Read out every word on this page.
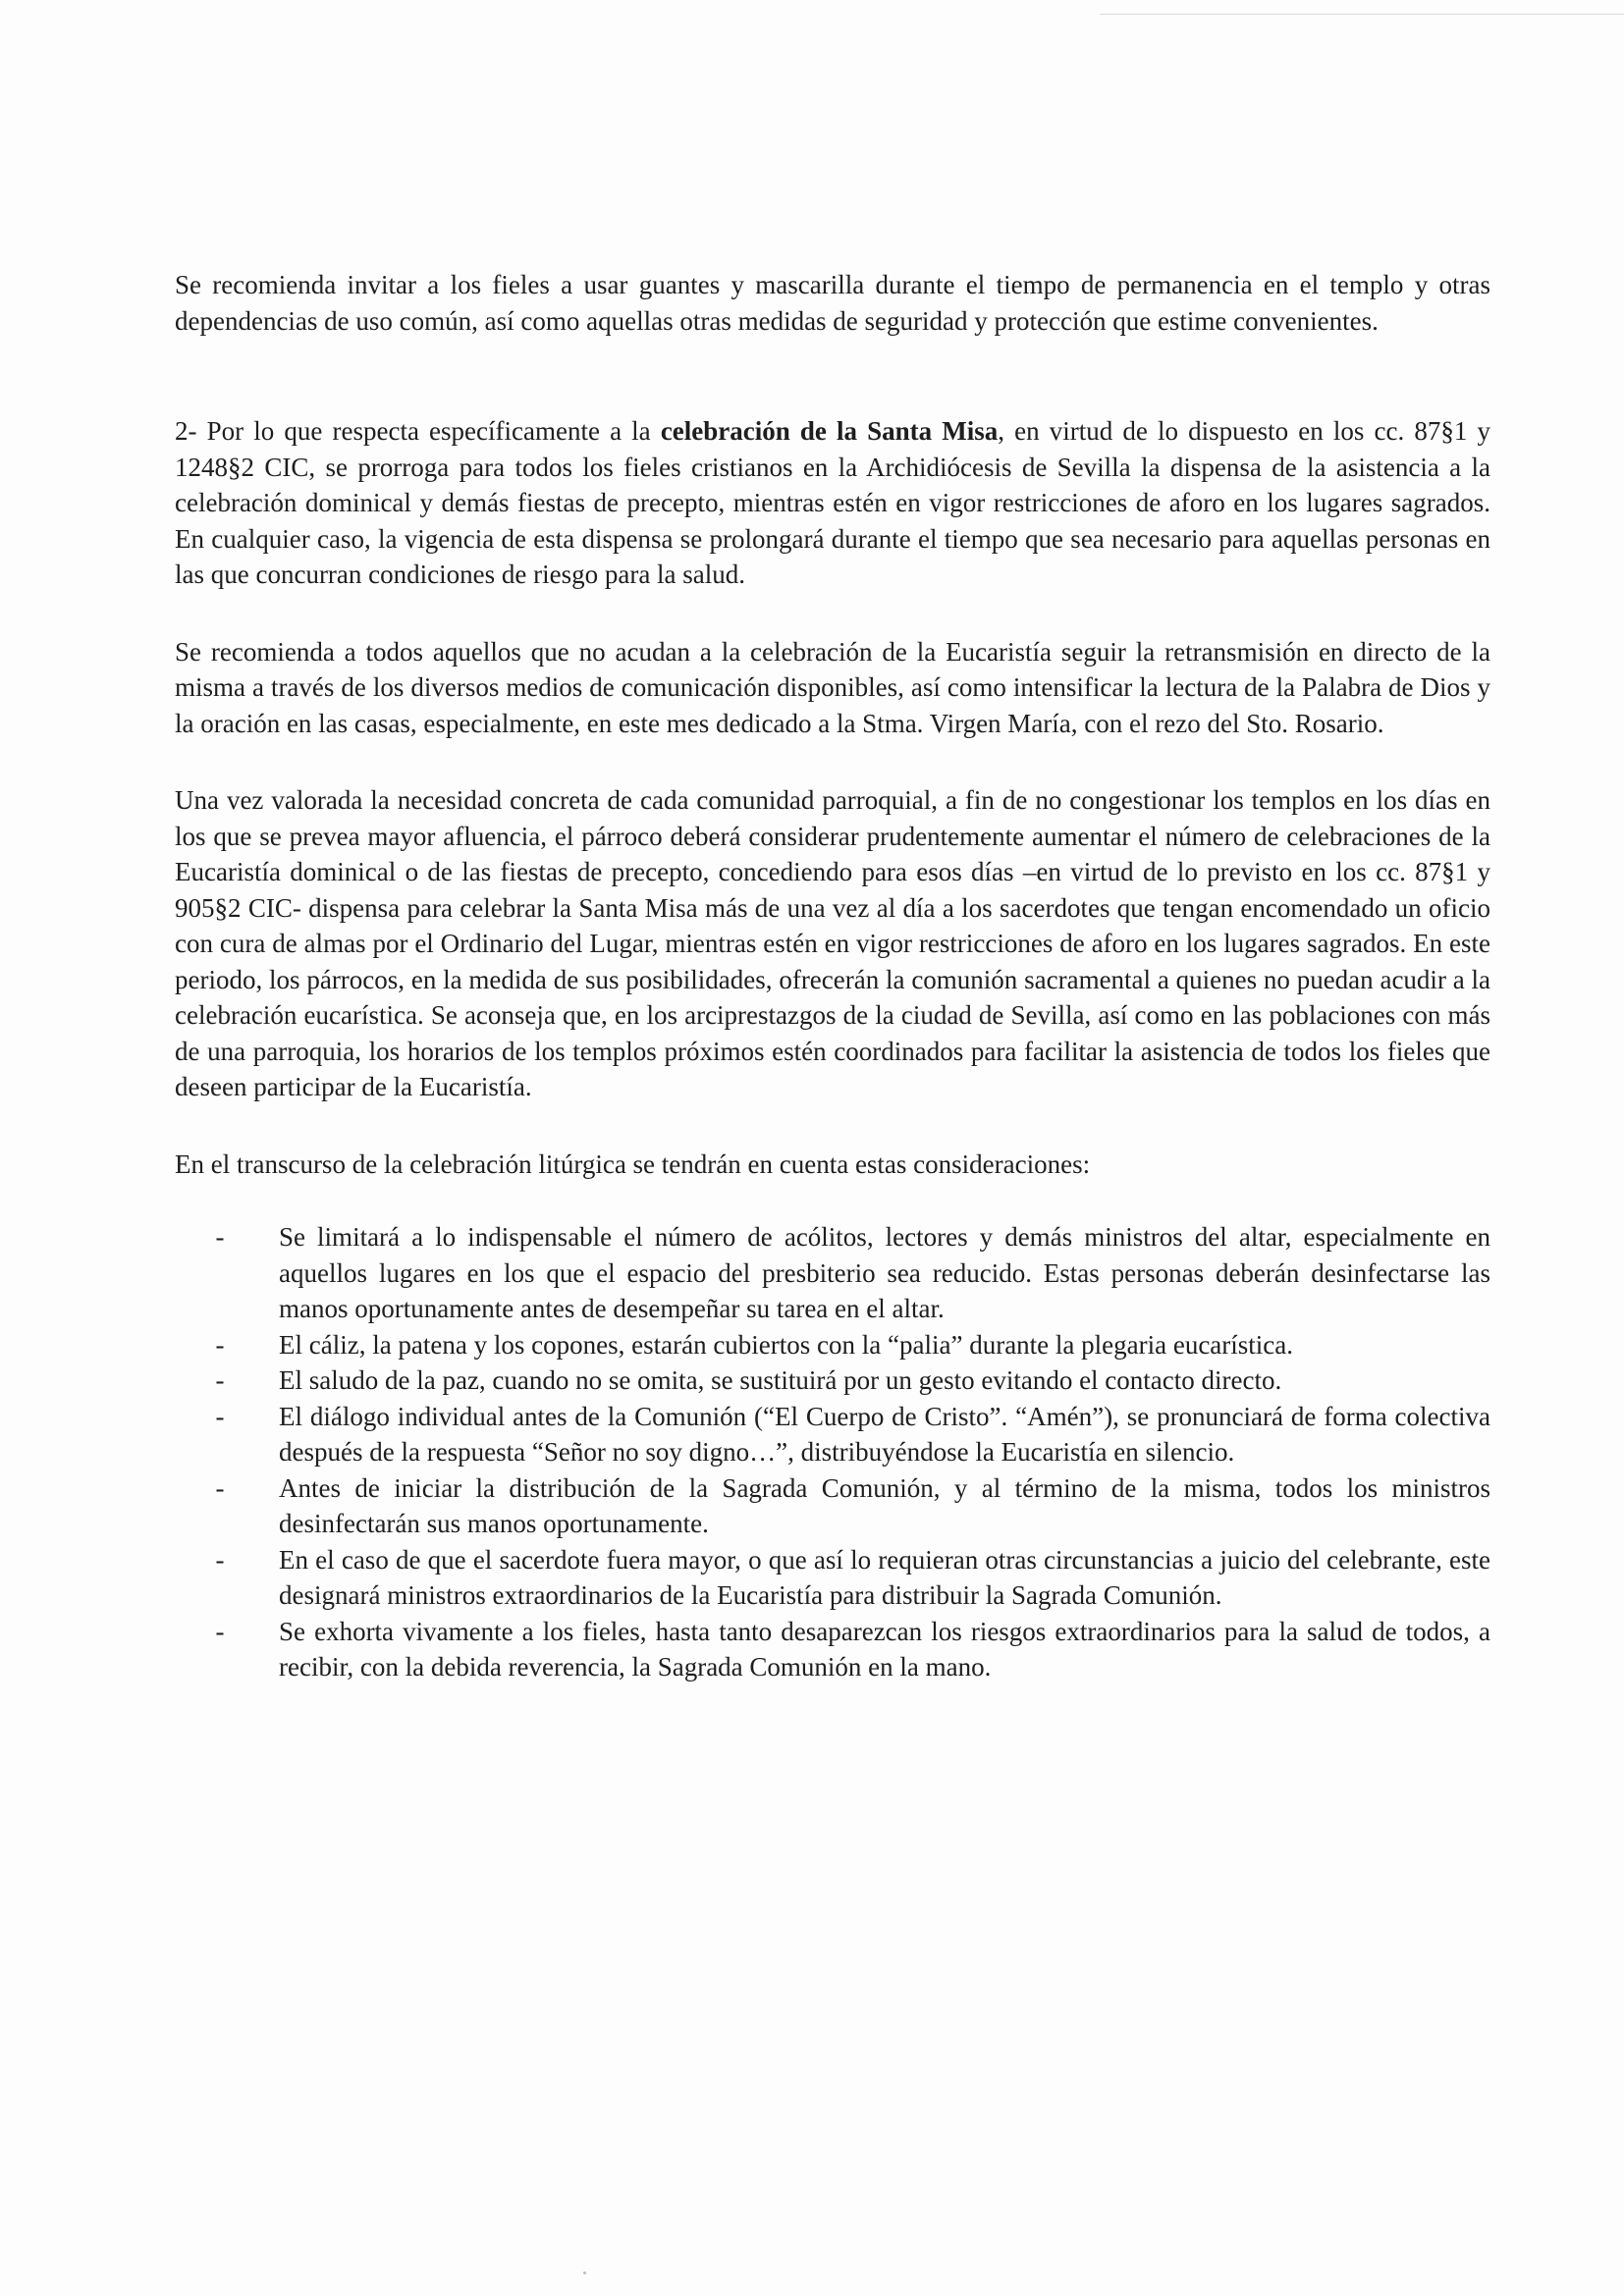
Se recomienda invitar a los fieles a usar guantes y mascarilla durante el tiempo de permanencia en el templo y otras dependencias de uso común, así como aquellas otras medidas de seguridad y protección que estime convenientes.

2- Por lo que respecta específicamente a la celebración de la Santa Misa, en virtud de lo dispuesto en los cc. 87§1 y 1248§2 CIC, se prorroga para todos los fieles cristianos en la Archidiócesis de Sevilla la dispensa de la asistencia a la celebración dominical y demás fiestas de precepto, mientras estén en vigor restricciones de aforo en los lugares sagrados. En cualquier caso, la vigencia de esta dispensa se prolongará durante el tiempo que sea necesario para aquellas personas en las que concurran condiciones de riesgo para la salud.

Se recomienda a todos aquellos que no acudan a la celebración de la Eucaristía seguir la retransmisión en directo de la misma a través de los diversos medios de comunicación disponibles, así como intensificar la lectura de la Palabra de Dios y la oración en las casas, especialmente, en este mes dedicado a la Stma. Virgen María, con el rezo del Sto. Rosario.

Una vez valorada la necesidad concreta de cada comunidad parroquial, a fin de no congestionar los templos en los días en los que se prevea mayor afluencia, el párroco deberá considerar prudentemente aumentar el número de celebraciones de la Eucaristía dominical o de las fiestas de precepto, concediendo para esos días –en virtud de lo previsto en los cc. 87§1 y 905§2 CIC- dispensa para celebrar la Santa Misa más de una vez al día a los sacerdotes que tengan encomendado un oficio con cura de almas por el Ordinario del Lugar, mientras estén en vigor restricciones de aforo en los lugares sagrados. En este periodo, los párrocos, en la medida de sus posibilidades, ofrecerán la comunión sacramental a quienes no puedan acudir a la celebración eucarística. Se aconseja que, en los arciprestazgos de la ciudad de Sevilla, así como en las poblaciones con más de una parroquia, los horarios de los templos próximos estén coordinados para facilitar la asistencia de todos los fieles que deseen participar de la Eucaristía.

En el transcurso de la celebración litúrgica se tendrán en cuenta estas consideraciones:

- Se limitará a lo indispensable el número de acólitos, lectores y demás ministros del altar, especialmente en aquellos lugares en los que el espacio del presbiterio sea reducido. Estas personas deberán desinfectarse las manos oportunamente antes de desempeñar su tarea en el altar.
- El cáliz, la patena y los copones, estarán cubiertos con la “palia” durante la plegaria eucarística.
- El saludo de la paz, cuando no se omita, se sustituirá por un gesto evitando el contacto directo.
- El diálogo individual antes de la Comunión (“El Cuerpo de Cristo”. “Amén”), se pronunciará de forma colectiva después de la respuesta “Señor no soy digno…”, distribuyéndose la Eucaristía en silencio.
- Antes de iniciar la distribución de la Sagrada Comunión, y al término de la misma, todos los ministros desinfectarán sus manos oportunamente.
- En el caso de que el sacerdote fuera mayor, o que así lo requieran otras circunstancias a juicio del celebrante, este designará ministros extraordinarios de la Eucaristía para distribuir la Sagrada Comunión.
- Se exhorta vivamente a los fieles, hasta tanto desaparezcan los riesgos extraordinarios para la salud de todos, a recibir, con la debida reverencia, la Sagrada Comunión en la mano.
